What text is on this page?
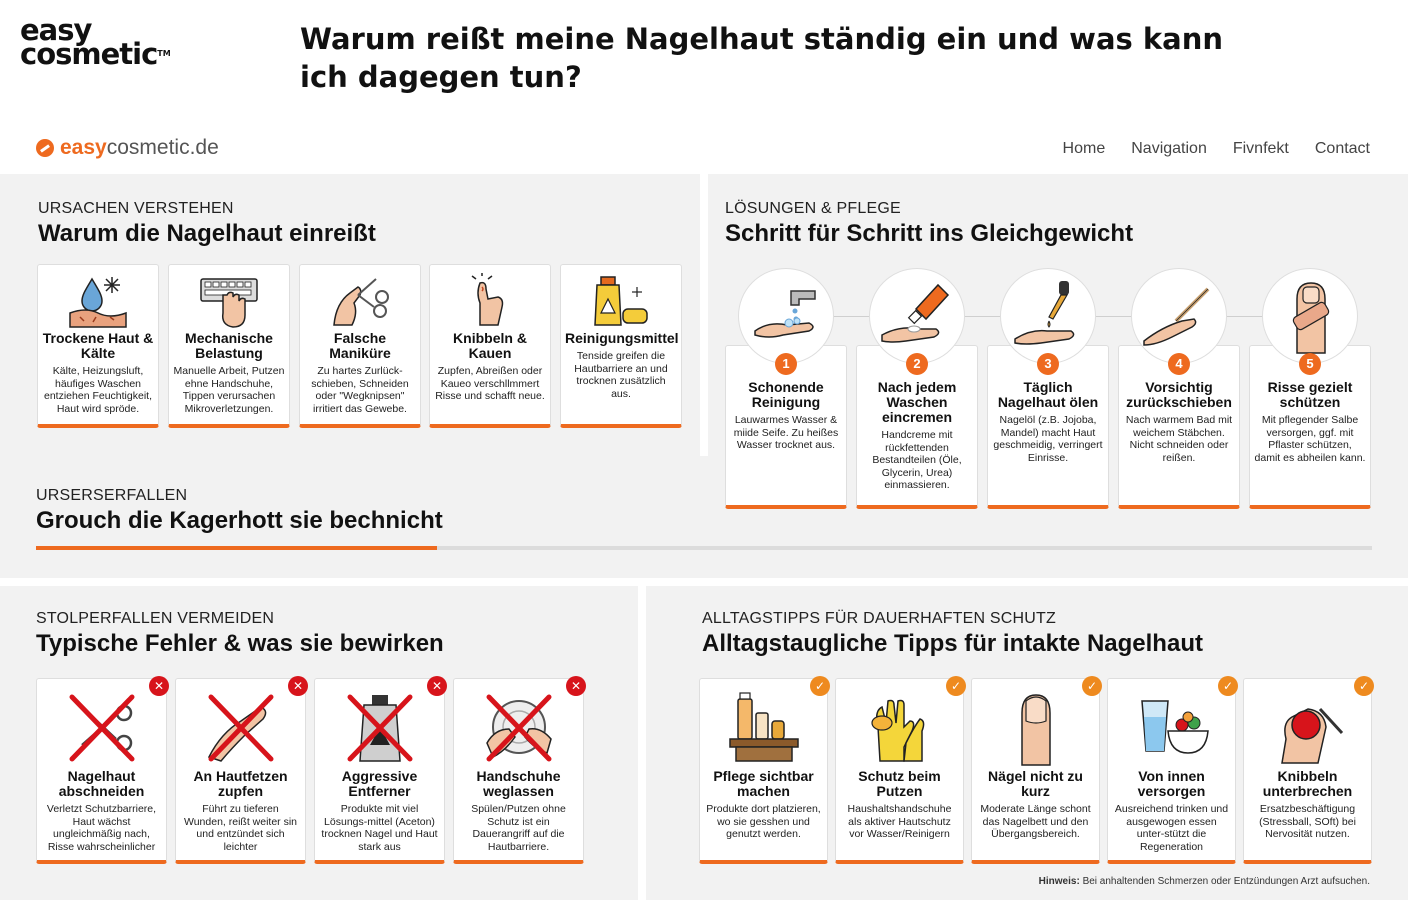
easy
cosmetic™	Warum reißt meine Nagelhaut ständig ein und was kann ich dagegen tun?
easy cosmetic.de	Home Navigation Fivnfekt Contact
URSACHEN VERSTEHEN
Warum die Nagelhaut einreißt
Trockene Haut & Kälte
Kälte, Heizungsluft, häufiges Waschen entziehen Feuchtigkeit, Haut wird spröde.
Mechanische Belastung
Manuelle Arbeit, Putzen ehne Handschuhe, Tippen verursachen Mikroverletzungen.
Falsche Maniküre
Zu hartes Zurlück-schieben, Schneiden oder "Wegknipsen" irritiert das Gewebe.
Knibbeln & Kauen
Zupfen, Abreißen oder Kaueo verschllmmert Risse und schafft neue.
Reinigungsmittel
Tenside greifen die Hautbarriere an und trocknen zusätzlich aus.
LÖSUNGEN & PFLEGE
Schritt für Schritt ins Gleichgewicht
Schonende Reinigung
Lauwarmes Wasser & miide Seife. Zu heißes Wasser trocknet aus.
Nach jedem Waschen eincremen
Handcreme mit rückfettenden Bestandteilen (Öle, Glycerin, Urea) einmassieren.
Täglich Nagelhaut ölen
Nagelöl (z.B. Jojoba, Mandel) macht Haut geschmeidig, verringert Einrisse.
Vorsichtig zurückschieben
Nach warmem Bad mit weichem Stäbchen. Nicht schneiden oder reißen.
Risse gezielt schützen
Mit pflegender Salbe versorgen, ggf. mit Pflaster schützen, damit es abheilen kann.
1	2	3	4	5
URSERSERFALLEN
Grouch die Kagerhott sie bechnicht
STOLPERFALLEN VERMEIDEN
Typische Fehler & was sie bewirken
✕
Nagelhaut abschneiden
Verletzt Schutzbarriere, Haut wächst ungleichmäßig nach, Risse wahrscheinlicher
✕
An Hautfetzen zupfen
Führt zu tieferen Wunden, reißt weiter sin und entzündet sich leichter
✕
Aggressive Entferner
Produkte mit viel Lösungs-mittel (Aceton) trocknen Nagel und Haut stark aus
✕
Handschuhe weglassen
Spülen/Putzen ohne Schutz ist ein Dauerangriff auf die Hautbarriere.
ALLTAGSTIPPS FÜR DAUERHAFTEN SCHUTZ
Alltagstaugliche Tipps für intakte Nagelhaut
✓
Pflege sichtbar machen
Produkte dort platzieren, wo sie gesshen und genutzt werden.
✓
Schutz beim Putzen
Haushaltshandschuhe als aktiver Hautschutz vor Wasser/Reinigern
✓
Nägel nicht zu kurz
Moderate Länge schont das Nagelbett und den Übergangsbereich.
✓
Von innen versorgen
Ausreichend trinken und ausgewogen essen unter-stützt die Regeneration
✓
Knibbeln unterbrechen
Ersatzbeschäftigung (Stressball, SOft) bei Nervosität nutzen.
Hinweis: Bei anhaltenden Schmerzen oder Entzündungen Arzt aufsuchen.
